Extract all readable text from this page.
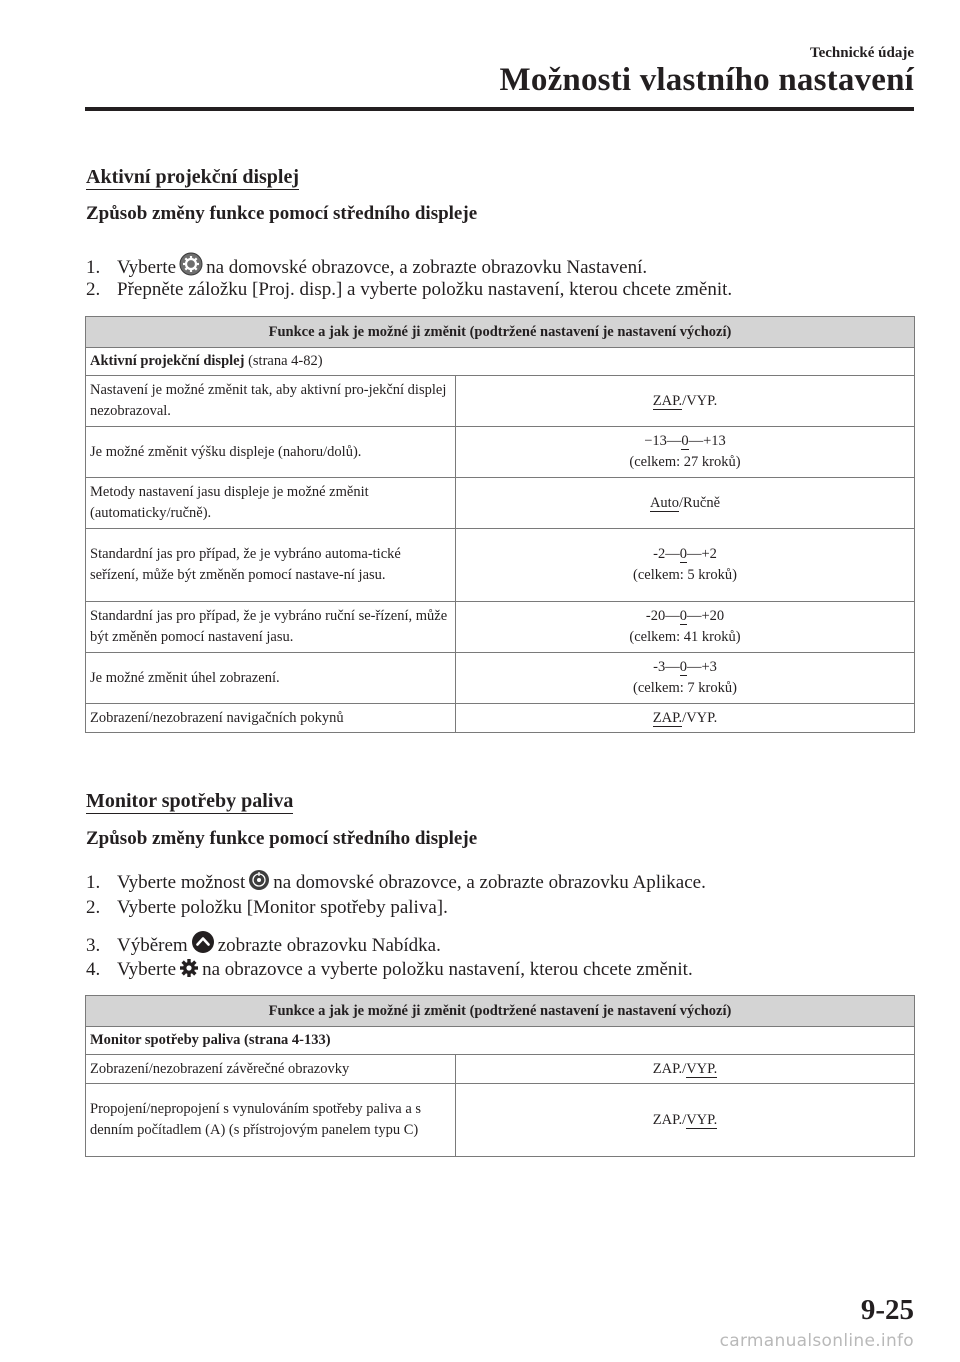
Technické údaje
Možnosti vlastního nastavení
Aktivní projekční displej
Způsob změny funkce pomocí středního displeje
1. Vyberte na domovské obrazovce, a zobrazte obrazovku Nastavení.
2. Přepněte záložku [Proj. disp.] a vyberte položku nastavení, kterou chcete změnit.
Funkce a jak je možné ji změnit (podtržené nastavení je nastavení výchozí)	
Aktivní projekční displej (strana 4-82)	
Nastavení je možné změnit tak, aby aktivní pro-jekční displej nezobrazoval.	ZAP./VYP.
Je možné změnit výšku displeje (nahoru/dolů).	−13—0—+13
(celkem: 27 kroků)
Metody nastavení jasu displeje je možné změnit (automaticky/ručně).	Auto/Ručně
Standardní jas pro případ, že je vybráno automa-tické seřízení, může být změněn pomocí nastave-ní jasu.	-2—0—+2
(celkem: 5 kroků)
Standardní jas pro případ, že je vybráno ruční se-řízení, může být změněn pomocí nastavení jasu.	-20—0—+20
(celkem: 41 kroků)
Je možné změnit úhel zobrazení.	-3—0—+3
(celkem: 7 kroků)
Zobrazení/nezobrazení navigačních pokynů	ZAP./VYP.
Monitor spotřeby paliva
Způsob změny funkce pomocí středního displeje
1. Vyberte možnost na domovské obrazovce, a zobrazte obrazovku Aplikace.
2. Vyberte položku [Monitor spotřeby paliva].
3. Výběrem zobrazte obrazovku Nabídka.
4. Vyberte na obrazovce a vyberte položku nastavení, kterou chcete změnit.
Funkce a jak je možné ji změnit (podtržené nastavení je nastavení výchozí)	
Monitor spotřeby paliva (strana 4-133)	
Zobrazení/nezobrazení závěrečné obrazovky	ZAP./VYP.
Propojení/nepropojení s vynulováním spotřeby paliva a s denním počítadlem (A) (s přístrojovým panelem typu C)	ZAP./VYP.
9-25
carmanualsonline.info
